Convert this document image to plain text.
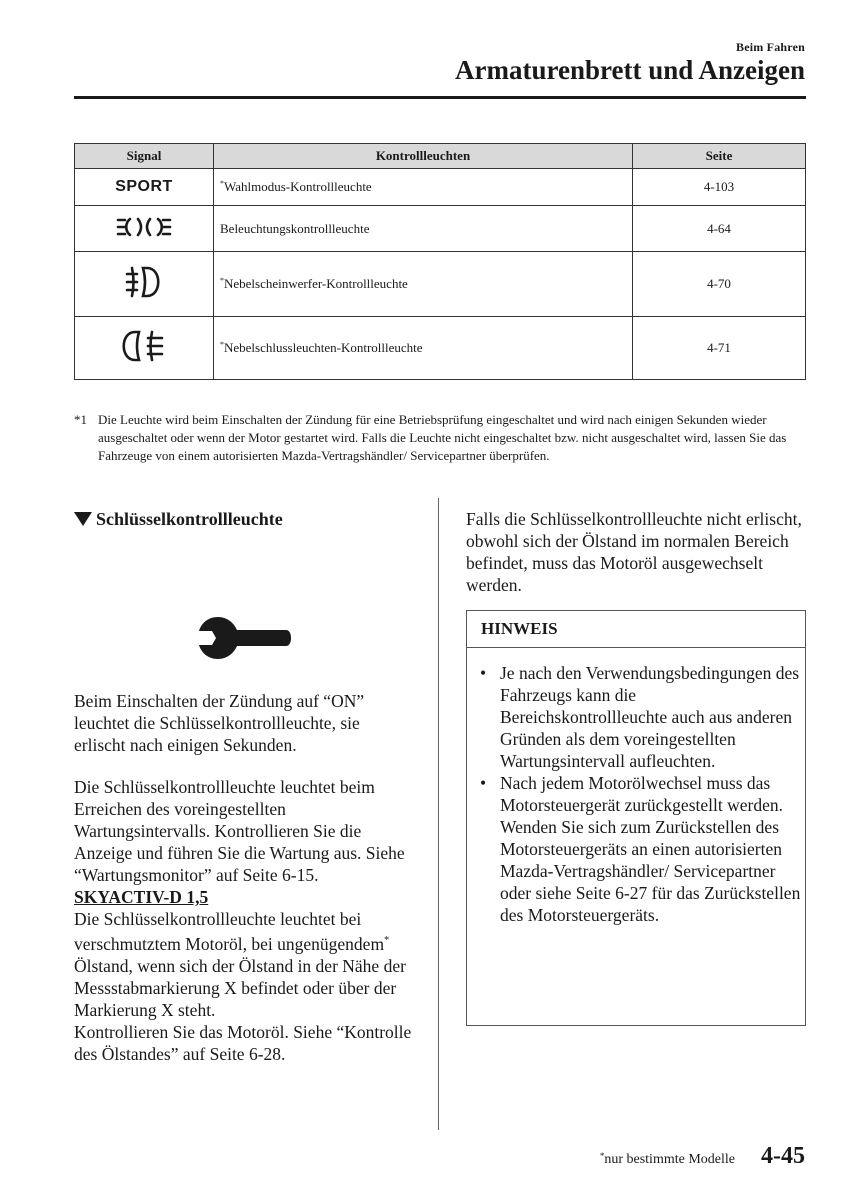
Beim Fahren
Armaturenbrett und Anzeigen
Signal	Kontrollleuchten	Seite
SPORT	*Wahlmodus-Kontrollleuchte	4-103
	Beleuchtungskontrollleuchte	4-64
	*Nebelscheinwerfer-Kontrollleuchte	4-70
	*Nebelschlussleuchten-Kontrollleuchte	4-71
*1 Die Leuchte wird beim Einschalten der Zündung für eine Betriebsprüfung eingeschaltet und wird nach einigen Sekunden wieder ausgeschaltet oder wenn der Motor gestartet wird. Falls die Leuchte nicht eingeschaltet bzw. nicht ausgeschaltet wird, lassen Sie das Fahrzeuge von einem autorisierten Mazda-Vertragshändler/ Servicepartner überprüfen.
Schlüsselkontrollleuchte

Beim Einschalten der Zündung auf “ON” leuchtet die Schlüsselkontrollleuchte, sie erlischt nach einigen Sekunden.

Die Schlüsselkontrollleuchte leuchtet beim Erreichen des voreingestellten Wartungsintervalls. Kontrollieren Sie die Anzeige und führen Sie die Wartung aus. Siehe “Wartungsmonitor” auf Seite 6-15.

SKYACTIV-D 1,5

Die Schlüsselkontrollleuchte leuchtet bei verschmutztem Motoröl, bei ungenügendem* Ölstand, wenn sich der Ölstand in der Nähe der Messstabmarkierung X befindet oder über der Markierung X steht.

Kontrollieren Sie das Motoröl. Siehe “Kontrolle des Ölstandes” auf Seite 6-28.

Falls die Schlüsselkontrollleuchte nicht erlischt, obwohl sich der Ölstand im normalen Bereich befindet, muss das Motoröl ausgewechselt werden.

HINWEIS
• Je nach den Verwendungsbedingungen des Fahrzeugs kann die Bereichskontrollleuchte auch aus anderen Gründen als dem voreingestellten Wartungsintervall aufleuchten.
• Nach jedem Motorölwechsel muss das Motorsteuergerät zurückgestellt werden.
Wenden Sie sich zum Zurückstellen des Motorsteuergeräts an einen autorisierten Mazda-Vertragshändler/ Servicepartner oder siehe Seite 6-27 für das Zurückstellen des Motorsteuergeräts.
*nur bestimmte Modelle 4-45
